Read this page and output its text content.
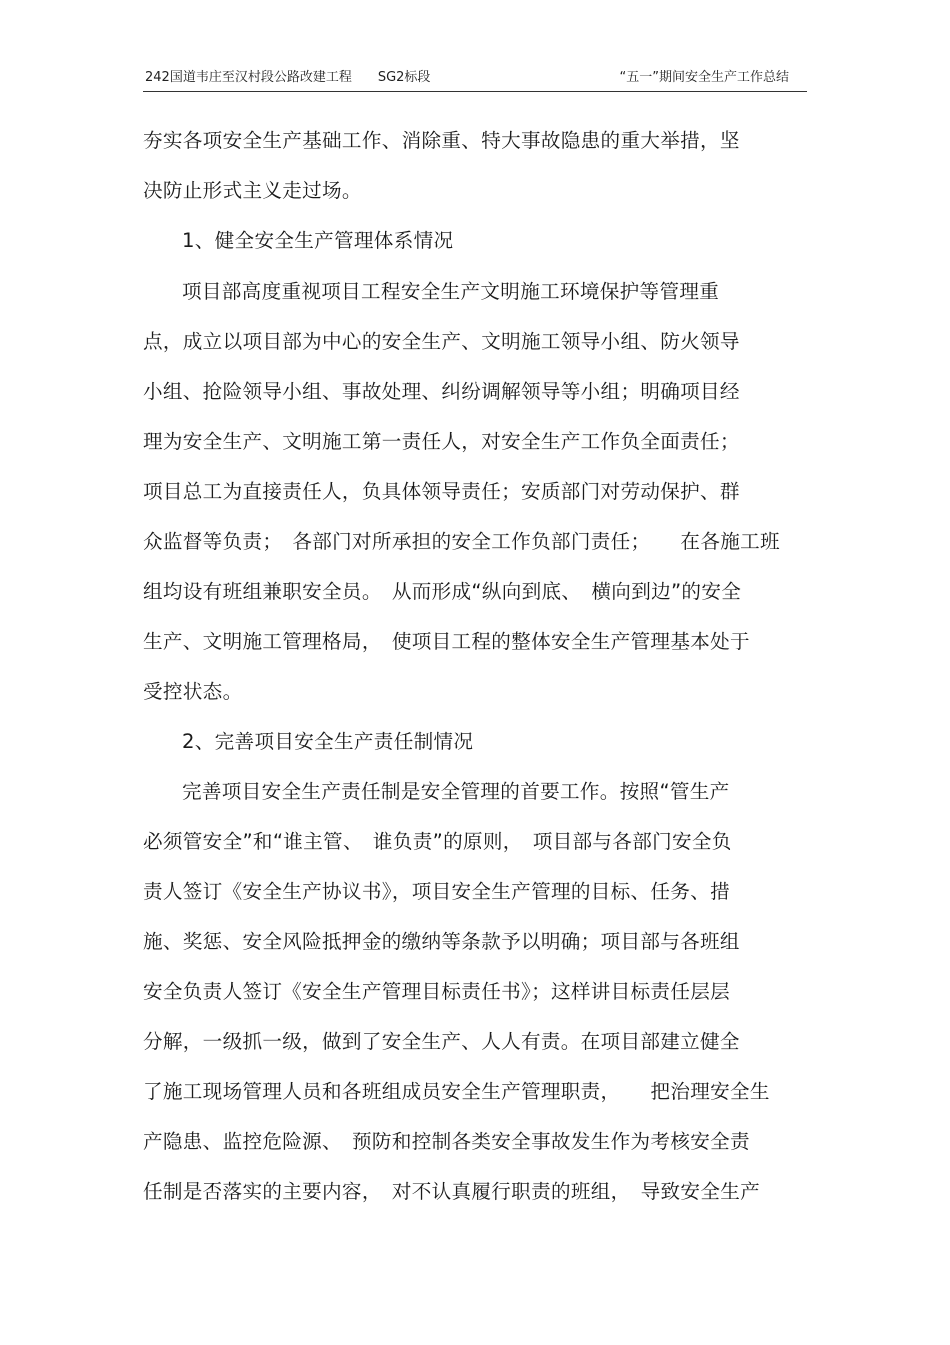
242国道韦庄至汉村段公路改建工程　　SG2标段	“五一”期间安全生产工作总结
夯实各项安全生产基础工作、消除重、特大事故隐患的重大举措，坚
决防止形式主义走过场。
1、健全安全生产管理体系情况
项目部高度重视项目工程安全生产文明施工环境保护等管理重
点，成立以项目部为中心的安全生产、文明施工领导小组、防火领导
小组、抢险领导小组、事故处理、纠纷调解领导等小组；明确项目经
理为安全生产、文明施工第一责任人，对安全生产工作负全面责任；
项目总工为直接责任人，负具体领导责任；安质部门对劳动保护、群
众监督等负责；　各部门对所承担的安全工作负部门责任；　　在各施工班
组均设有班组兼职安全员。　从而形成“纵向到底、　横向到边”的安全
生产、文明施工管理格局，　使项目工程的整体安全生产管理基本处于
受控状态。
2、完善项目安全生产责任制情况
完善项目安全生产责任制是安全管理的首要工作。按照“管生产
必须管安全”和“谁主管、　谁负责”的原则，　项目部与各部门安全负
责人签订《安全生产协议书》，项目安全生产管理的目标、任务、措
施、奖惩、安全风险抵押金的缴纳等条款予以明确；项目部与各班组
安全负责人签订《安全生产管理目标责任书》；这样讲目标责任层层
分解，一级抓一级，做到了安全生产、人人有责。在项目部建立健全
了施工现场管理人员和各班组成员安全生产管理职责，　　把治理安全生
产隐患、监控危险源、　预防和控制各类安全事故发生作为考核安全责
任制是否落实的主要内容，　对不认真履行职责的班组，　导致安全生产
